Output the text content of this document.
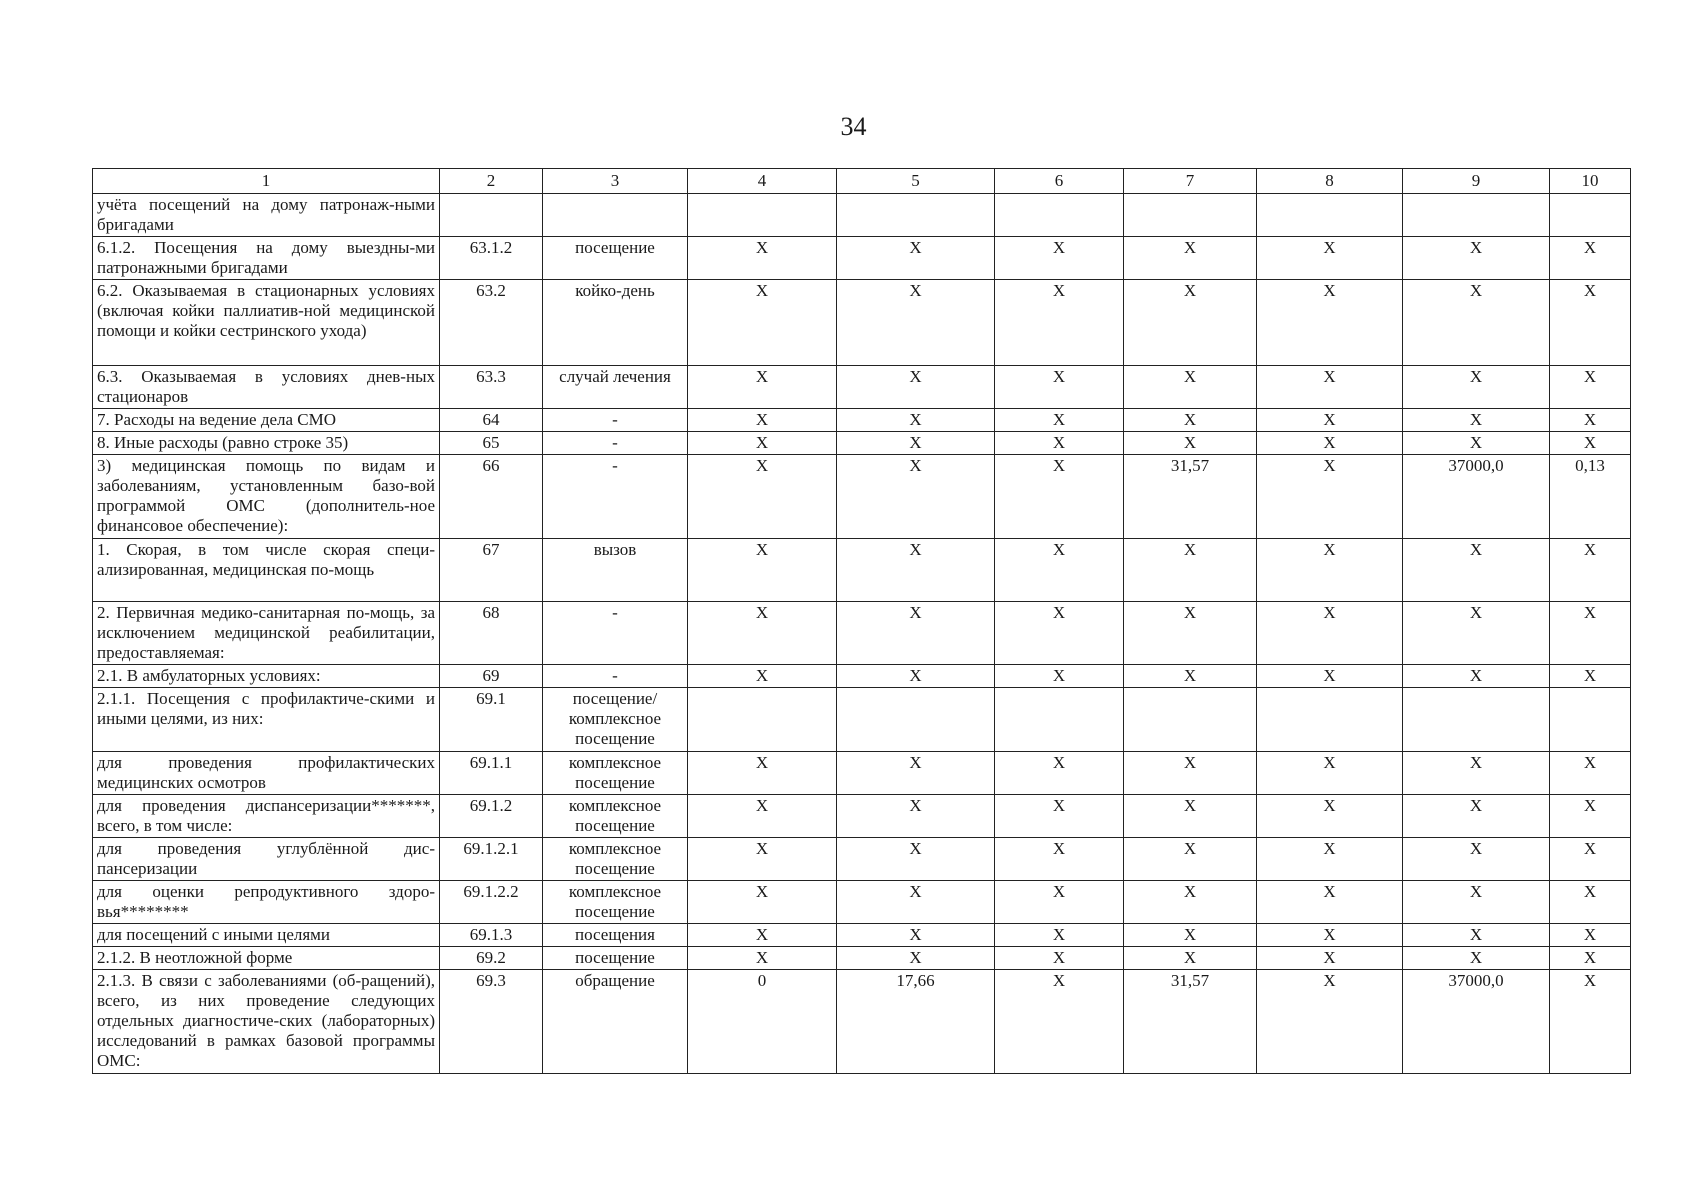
34
1	2	3	4	5	6	7	8	9	10
учёта посещений на дому патронаж-ными бригадами									
6.1.2. Посещения на дому выездны-ми патронажными бригадами	63.1.2	посещение	Х	Х	Х	Х	Х	Х	Х
6.2. Оказываемая в стационарных условиях (включая койки паллиатив-ной медицинской помощи и койки сестринского ухода)	63.2	койко-день	Х	Х	Х	Х	Х	Х	Х
6.3. Оказываемая в условиях днев-ных стационаров	63.3	случай лечения	Х	Х	Х	Х	Х	Х	Х
7. Расходы на ведение дела СМО	64	-	Х	Х	Х	Х	Х	Х	Х
8. Иные расходы (равно строке 35)	65	-	Х	Х	Х	Х	Х	Х	Х
3) медицинская помощь по видам и заболеваниям, установленным базо-вой программой ОМС (дополнитель-ное финансовое обеспечение):	66	-	Х	Х	Х	31,57	Х	37000,0	0,13
1. Скорая, в том числе скорая специ-ализированная, медицинская по-мощь	67	вызов	Х	Х	Х	Х	Х	Х	Х
2. Первичная медико-санитарная по-мощь, за исключением медицинской реабилитации, предоставляемая:	68	-	Х	Х	Х	Х	Х	Х	Х
2.1. В амбулаторных условиях:	69	-	Х	Х	Х	Х	Х	Х	Х
2.1.1. Посещения с профилактиче-скими и иными целями, из них:	69.1	посещение/ комплексное посещение							
для проведения профилактических медицинских осмотров	69.1.1	комплексное посещение	Х	Х	Х	Х	Х	Х	Х
для проведения диспансеризации*******, всего, в том числе:	69.1.2	комплексное посещение	Х	Х	Х	Х	Х	Х	Х
для проведения углублённой дис-пансеризации	69.1.2.1	комплексное посещение	Х	Х	Х	Х	Х	Х	Х
для оценки репродуктивного здоро-вья********	69.1.2.2	комплексное посещение	Х	Х	Х	Х	Х	Х	Х
для посещений с иными целями	69.1.3	посещения	Х	Х	Х	Х	Х	Х	Х
2.1.2. В неотложной форме	69.2	посещение	Х	Х	Х	Х	Х	Х	Х
2.1.3. В связи с заболеваниями (об-ращений), всего, из них проведение следующих отдельных диагностиче-ских (лабораторных) исследований в рамках базовой программы ОМС:	69.3	обращение	0	17,66	Х	31,57	Х	37000,0	Х
